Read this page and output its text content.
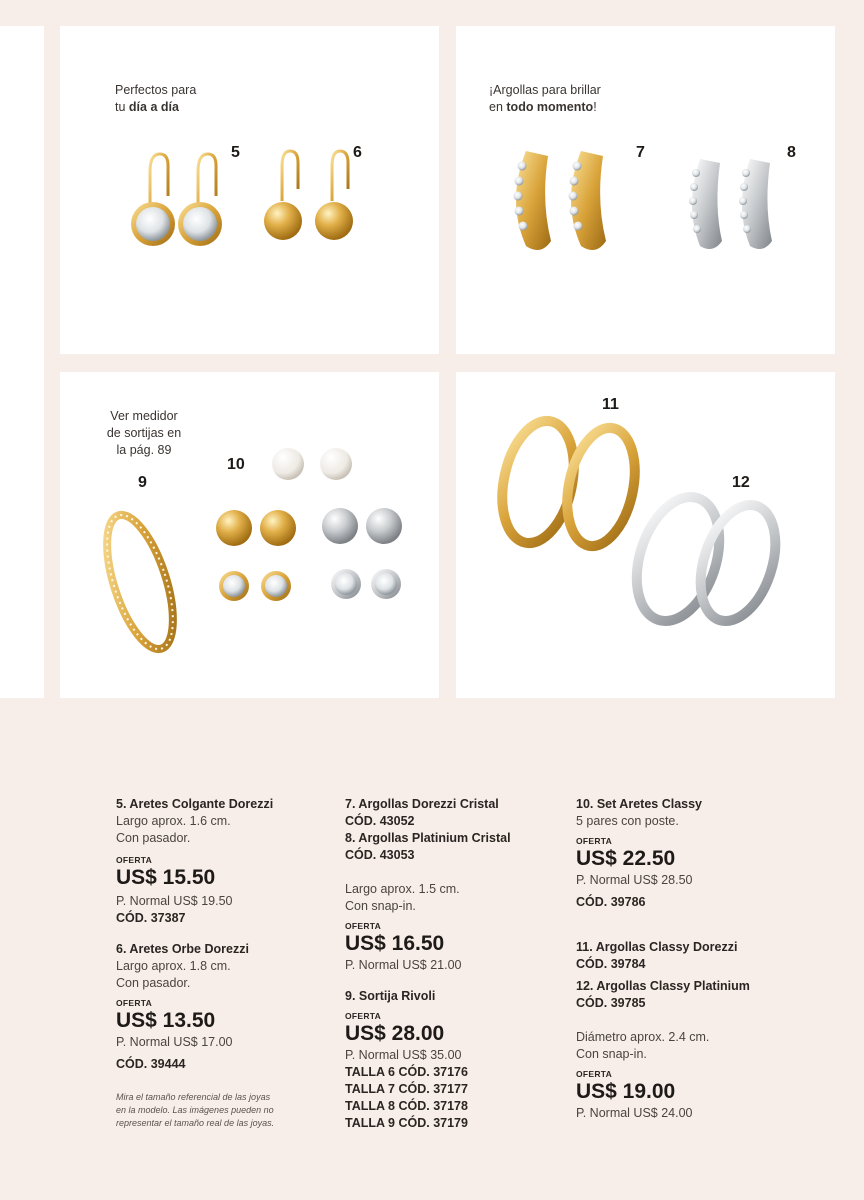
Perfectos para
tu día a día
5	6
¡Argollas para brillar
en todo momento!
7	8
Ver medidor
de sortijas en
la pág. 89
9
10
11
12
5. Aretes Colgante Dorezzi
Largo aprox. 1.6 cm.
Con pasador.
OFERTA
US$ 15.50
P. Normal US$ 19.50
CÓD. 37387
6. Aretes Orbe Dorezzi
Largo aprox. 1.8 cm.
Con pasador.
OFERTA
US$ 13.50
P. Normal US$ 17.00
CÓD. 39444
Mira el tamaño referencial de las joyas en la modelo. Las imágenes pueden no representar el tamaño real de las joyas.
7. Argollas Dorezzi Cristal
CÓD. 43052
8. Argollas Platinium Cristal
CÓD. 43053
Largo aprox. 1.5 cm.
Con snap-in.
OFERTA
US$ 16.50
P. Normal US$ 21.00
9. Sortija Rivoli
OFERTA
US$ 28.00
P. Normal US$ 35.00
TALLA 6 CÓD. 37176
TALLA 7 CÓD. 37177
TALLA 8 CÓD. 37178
TALLA 9 CÓD. 37179
10. Set Aretes Classy
5 pares con poste.
OFERTA
US$ 22.50
P. Normal US$ 28.50
CÓD. 39786
11. Argollas Classy Dorezzi
CÓD. 39784
12. Argollas Classy Platinium
CÓD. 39785
Diámetro aprox. 2.4 cm.
Con snap-in.
OFERTA
US$ 19.00
P. Normal US$ 24.00
